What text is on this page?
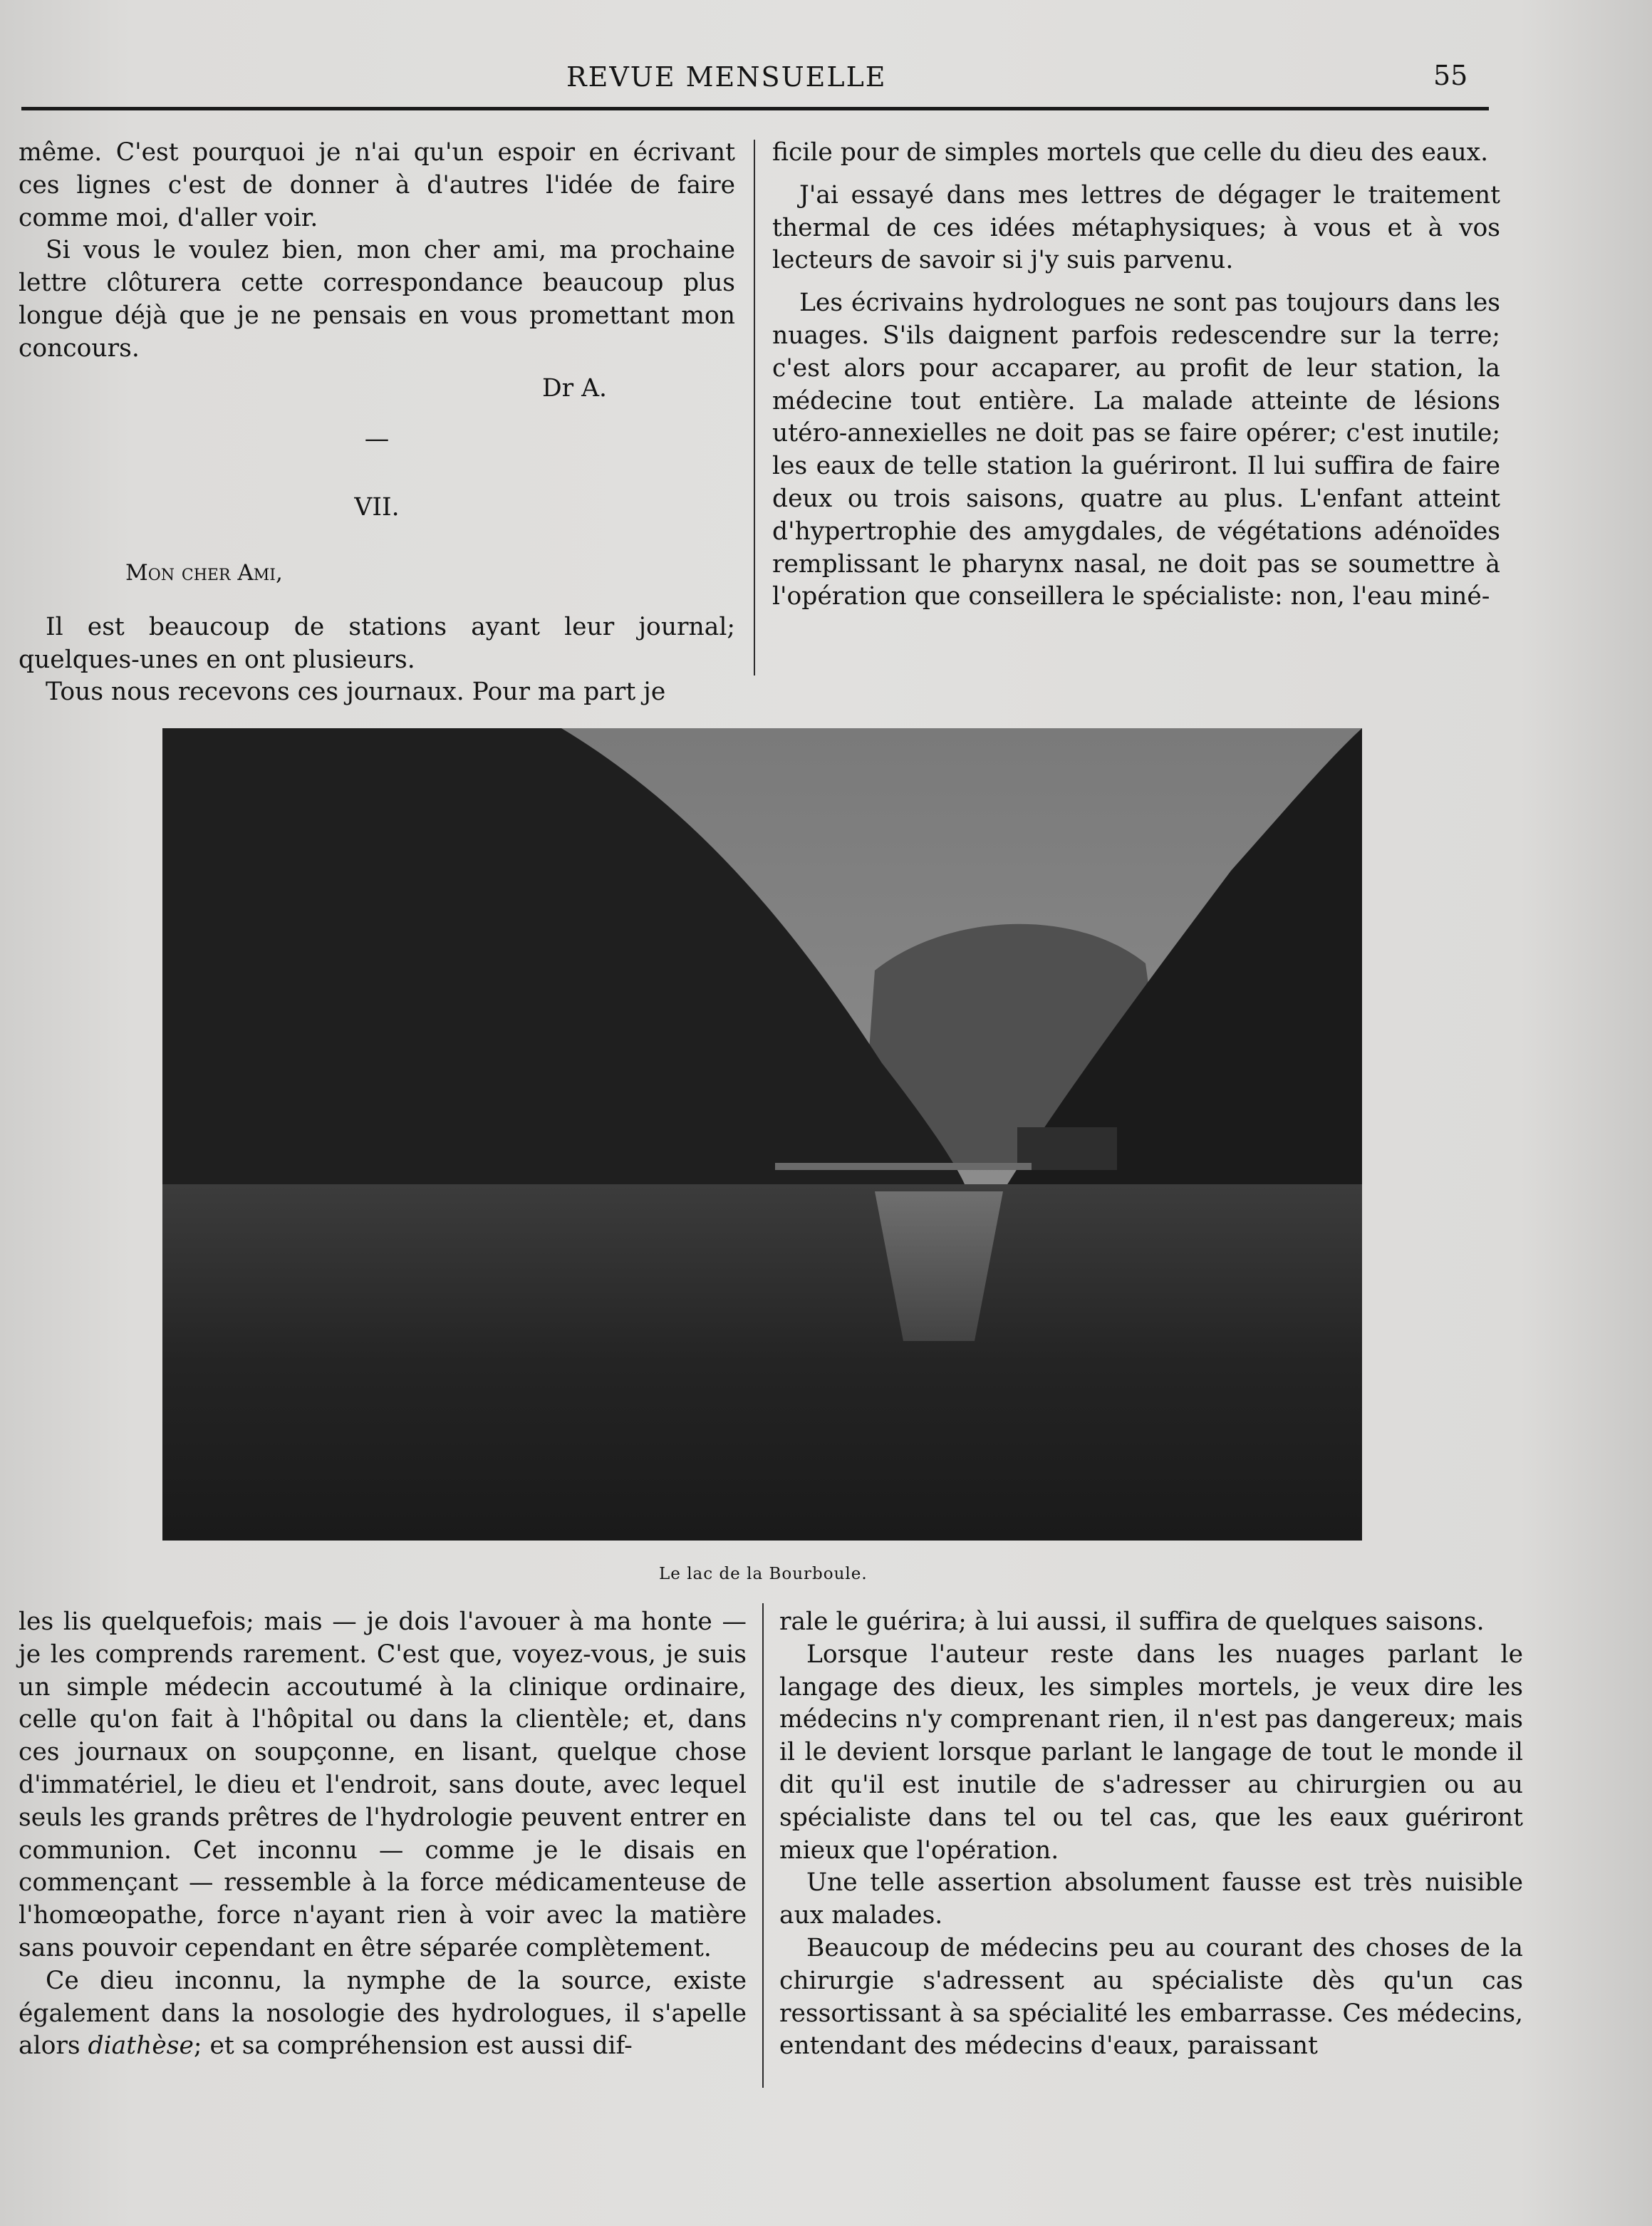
REVUE MENSUELLE	55

même. C'est pourquoi je n'ai qu'un espoir en écrivant ces lignes c'est de donner à d'autres l'idée de faire comme moi, d'aller voir.

Si vous le voulez bien, mon cher ami, ma prochaine lettre clôturera cette correspondance beaucoup plus longue déjà que je ne pensais en vous promettant mon concours.

Dr A.

—

VII.

Mon cher Ami,

Il est beaucoup de stations ayant leur journal; quelques-unes en ont plusieurs.

Tous nous recevons ces journaux. Pour ma part je

ficile pour de simples mortels que celle du dieu des eaux.

J'ai essayé dans mes lettres de dégager le traitement thermal de ces idées métaphysiques; à vous et à vos lecteurs de savoir si j'y suis parvenu.

Les écrivains hydrologues ne sont pas toujours dans les nuages. S'ils daignent parfois redescendre sur la terre; c'est alors pour accaparer, au profit de leur station, la médecine tout entière. La malade atteinte de lésions utéro-annexielles ne doit pas se faire opérer; c'est inutile; les eaux de telle station la guériront. Il lui suffira de faire deux ou trois saisons, quatre au plus. L'enfant atteint d'hypertrophie des amygdales, de végétations adénoïdes remplissant le pharynx nasal, ne doit pas se soumettre à l'opération que conseillera le spécialiste: non, l'eau miné-

Le lac de la Bourboule.

les lis quelquefois; mais — je dois l'avouer à ma honte — je les comprends rarement. C'est que, voyez-vous, je suis un simple médecin accoutumé à la clinique ordinaire, celle qu'on fait à l'hôpital ou dans la clientèle; et, dans ces journaux on soupçonne, en lisant, quelque chose d'immatériel, le dieu et l'endroit, sans doute, avec lequel seuls les grands prêtres de l'hydrologie peuvent entrer en communion. Cet inconnu — comme je le disais en commençant — ressemble à la force médicamenteuse de l'homœopathe, force n'ayant rien à voir avec la matière sans pouvoir cependant en être séparée complètement.

Ce dieu inconnu, la nymphe de la source, existe également dans la nosologie des hydrologues, il s'apelle alors diathèse; et sa compréhension est aussi dif-

rale le guérira; à lui aussi, il suffira de quelques saisons.

Lorsque l'auteur reste dans les nuages parlant le langage des dieux, les simples mortels, je veux dire les médecins n'y comprenant rien, il n'est pas dangereux; mais il le devient lorsque parlant le langage de tout le monde il dit qu'il est inutile de s'adresser au chirurgien ou au spécialiste dans tel ou tel cas, que les eaux guériront mieux que l'opération.

Une telle assertion absolument fausse est très nuisible aux malades.

Beaucoup de médecins peu au courant des choses de la chirurgie s'adressent au spécialiste dès qu'un cas ressortissant à sa spécialité les embarrasse. Ces médecins, entendant des médecins d'eaux, paraissant
